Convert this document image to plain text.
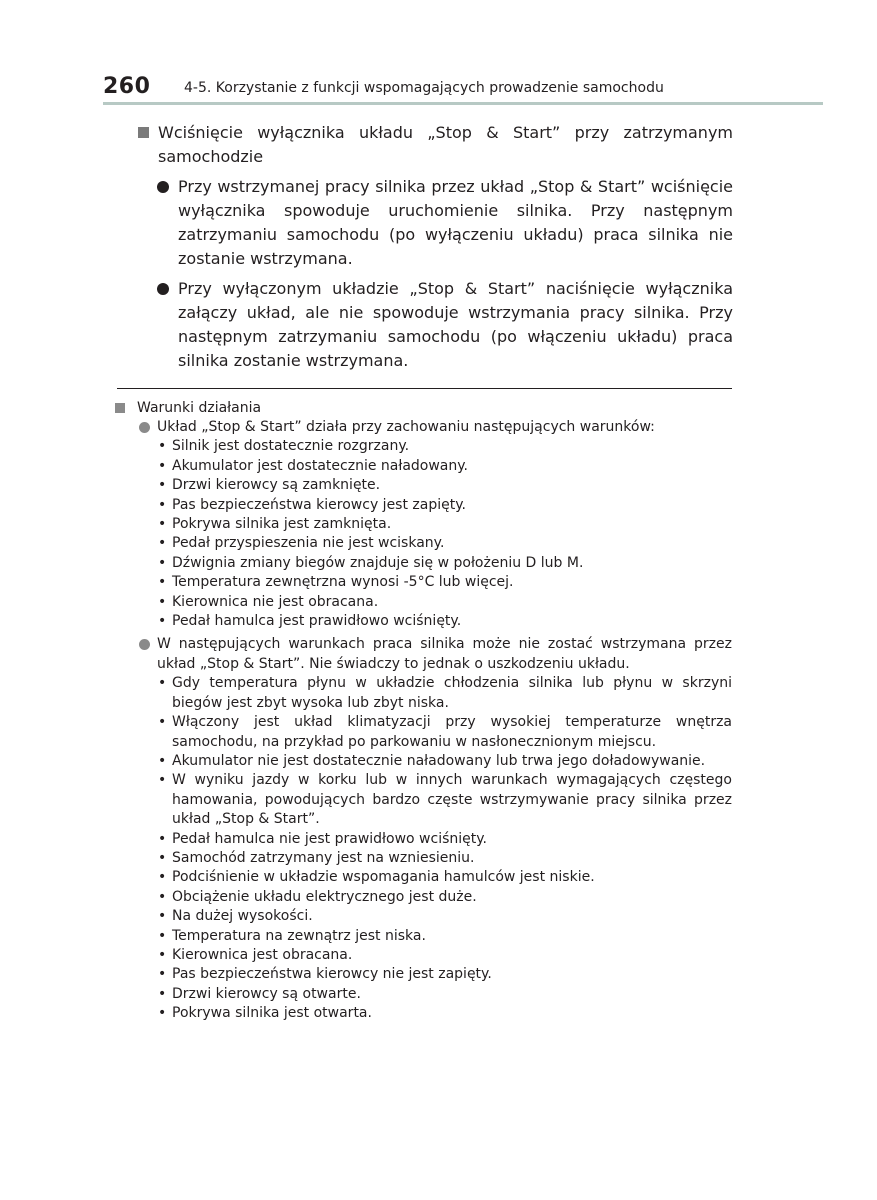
260 4-5. Korzystanie z funkcji wspomagających prowadzenie samochodu
Wciśnięcie wyłącznika układu „Stop & Start” przy zatrzymanym samochodzie
Przy wstrzymanej pracy silnika przez układ „Stop & Start” wciśnięcie wyłącznika spowoduje uruchomienie silnika. Przy następnym zatrzymaniu samochodu (po wyłączeniu układu) praca silnika nie zostanie wstrzymana.
Przy wyłączonym układzie „Stop & Start” naciśnięcie wyłącznika załączy układ, ale nie spowoduje wstrzymania pracy silnika. Przy następnym zatrzymaniu samochodu (po włączeniu układu) praca silnika zostanie wstrzymana.
Warunki działania
Układ „Stop & Start” działa przy zachowaniu następujących warunków:
• Silnik jest dostatecznie rozgrzany.
• Akumulator jest dostatecznie naładowany.
• Drzwi kierowcy są zamknięte.
• Pas bezpieczeństwa kierowcy jest zapięty.
• Pokrywa silnika jest zamknięta.
• Pedał przyspieszenia nie jest wciskany.
• Dźwignia zmiany biegów znajduje się w położeniu D lub M.
• Temperatura zewnętrzna wynosi -5°C lub więcej.
• Kierownica nie jest obracana.
• Pedał hamulca jest prawidłowo wciśnięty.
W następujących warunkach praca silnika może nie zostać wstrzymana przez układ „Stop & Start”. Nie świadczy to jednak o uszkodzeniu układu.
• Gdy temperatura płynu w układzie chłodzenia silnika lub płynu w skrzyni biegów jest zbyt wysoka lub zbyt niska.
• Włączony jest układ klimatyzacji przy wysokiej temperaturze wnętrza samochodu, na przykład po parkowaniu w nasłonecznionym miejscu.
• Akumulator nie jest dostatecznie naładowany lub trwa jego doładowywanie.
• W wyniku jazdy w korku lub w innych warunkach wymagających częstego hamowania, powodujących bardzo częste wstrzymywanie pracy silnika przez układ „Stop & Start”.
• Pedał hamulca nie jest prawidłowo wciśnięty.
• Samochód zatrzymany jest na wzniesieniu.
• Podciśnienie w układzie wspomagania hamulców jest niskie.
• Obciążenie układu elektrycznego jest duże.
• Na dużej wysokości.
• Temperatura na zewnątrz jest niska.
• Kierownica jest obracana.
• Pas bezpieczeństwa kierowcy nie jest zapięty.
• Drzwi kierowcy są otwarte.
• Pokrywa silnika jest otwarta.
